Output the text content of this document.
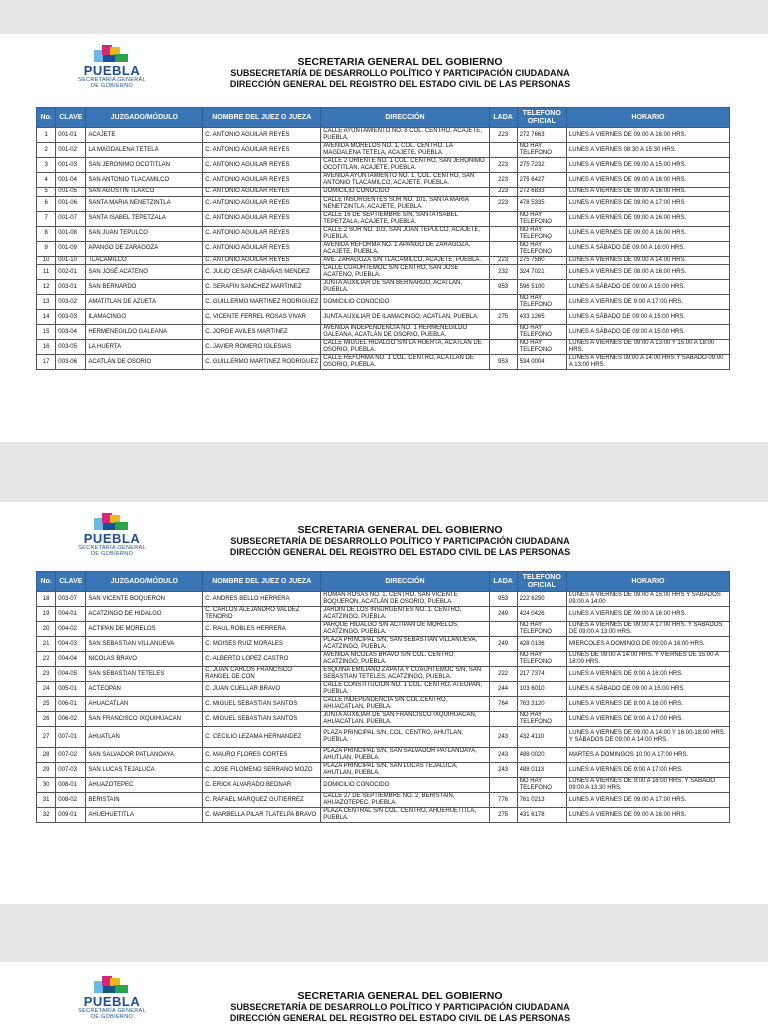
PUEBLA
SECRETARÍA GENERAL
DE GOBIERNO
SECRETARIA GENERAL DEL GOBIERNO
SUBSECRETARÍA DE DESARROLLO POLÍTICO Y PARTICIPACIÓN CIUDADANA
DIRECCIÓN GENERAL DEL REGISTRO DEL ESTADO CIVIL DE LAS PERSONAS
No.	CLAVE	JUZGADO/MÓDULO	NOMBRE DEL JUEZ O JUEZA	DIRECCIÓN	LADA	TELEFONO OFICIAL	HORARIO
1	001-01	ACAJETE	C. ANTONIO AGUILAR REYES	CALLE AYUNTAMIENTO NO. 8 COL. CENTRO, ACAJETE, PUEBLA.	223	272 7663	LUNES A VIERNES DE 09:00 A 16:00 HRS.
2	001-02	LA MAGDALENA TETELA	C. ANTONIO AGUILAR REYES	AVENIDA MORELOS NO. 1, COL. CENTRO, LA MAGDALENA TETELA, ACAJETE, PUEBLA.		NO HAY TELEFONO	LUNES A VIERNES 08:30 A 15:30 HRS.
3	001-03	SAN JERONIMO OCOTITLAN	C. ANTONIO AGUILAR REYES	CALLE 2 ORIENTE NO. 1 COL. CENTRO, SAN JERONIMO OCOTITLAN, ACAJETE, PUEBLA.	223	275 7232	LUNES A VIERNES DE 09:00 A 15:00 HRS.
4	001-04	SAN ANTONIO TLACAMILCO	C. ANTONIO AGUILAR REYES	AVENIDA AYUNTAMIENTO NO. 1, COL. CENTRO, SAN ANTONIO TLACAMILCO, ACAJETE, PUEBLA.	223	275 6427	LUNES A VIERNES DE 09:00 A 16:00 HRS.
5	001-05	SAN AGUSTIN TLAXCO	C. ANTONIO AGUILAR REYES	DOMICILIO CONOCIDO	223	272 6833	LUNES A VIERNES DE 09:00 A 16:00 HRS.
6	001-06	SANTA MARIA NENETZINTLA	C. ANTONIO AGUILAR REYES	CALLE INSURGENTES SUR NO. 101, SANTA MARIA NENETZINTLA, ACAJETE, PUEBLA.	223	478 5335	LUNES A VIERNES DE 09:00 A 17:00 HRS
7	001-07	SANTA ISABEL TEPETZALA	C. ANTONIO AGUILAR REYES	CALLE 16 DE SEPTIEMBRE S/N, SANTA ISABEL TEPETZALA, ACAJETE, PUEBLA.		NO HAY TELEFONO	LUNES A VIERNES DE 09:00 A 16:00 HRS.
8	001-08	SAN JUAN TEPULCO	C. ANTONIO AGUILAR REYES	CALLE 2 SUR NO. 103, SAN JUAN TEPULCO, ACAJETE, PUEBLA.		NO HAY TELEFONO	LUNES A VIERNES DE 09:00 A 16:00 HRS.
9	001-09	APANGO DE ZARAGOZA	C. ANTONIO AGUILAR REYES	AVENIDA REFORMA NO. 1 APANGO DE ZARAGOZA, ACAJETE, PUEBLA.		NO HAY TELEFONO	LUNES A SÁBADO DE 09:00 A 16:00 HRS.
10	001-10	TLACAMILCO	C. ANTONIO AGUILAR REYES	AVE. ZARAGOZA S/N TLACAMILCO, ACAJETE, PUEBLA.	223	275 7580	LUNES A VIERNES DE 09:00 A 14:00 HRS.
11	002-01	SAN JOSÉ ACATENO	C. JULIO CESAR CABAÑAS MENDEZ	CALLE CUAUHTEMOC S/N CENTRO, SAN JOSE ACATENO, PUEBLA.	232	324 7021	LUNES A VIERNES DE 08:00 A 16:00 HRS.
12	003-01	SAN BERNARDO	C. SERAFIN SANCHEZ MARTINEZ	JUNTA AUXILIAR DE SAN BERNARDO, ACATLAN, PUEBLA.	953	596 5100	LUNES A SÁBADO DE 09:00 A 15:00 HRS.
13	003-02	AMATITLAN DE AZUETA	C. GUILLERMO MARTINEZ RODRIGUEZ	DOMICILIO CONOCIDO		NO HAY TELEFONO	LUNES A VIERNES DE 9:00 A 17:00 HRS.
14	003-03	ILAMACINGO	C. VICENTE FERREL ROSAS VIVAR	JUNTA AUXILIAR DE ILAMACINGO, ACATLAN, PUEBLA.	275	433 1265	LUNES A SÁBADO DE 09:00 A 15:00 HRS.
15	003-04	HERMENEGILDO GALEANA	C. JORGE AVILES MARTINEZ	AVENIDA INDEPENDENCIA NO. 1 HERMENEGILDO GALEANA, ACATLÁN DE OSORIO, PUEBLA.		NO HAY TELEFONO	LUNES A SÁBADO DE 09:00 A 15:00 HRS.
16	003-05	LA HUERTA	C. JAVIER ROMERO IGLESIAS	CALLE MIGUEL HIDALGO S/N LA HUERTA, ACATLÁN DE OSORIO, PUEBLA.		NO HAY TELEFONO	LUNES A VIERNES DE 09:00 A 13:00 Y 15:00 A 18:00 HRS.
17	003-06	ACATLÁN DE OSORIO	C. GUILLERMO MARTINEZ RODRIGUEZ	CALLE REFORMA NO. 1 COL. CENTRO, ACATLÁN DE OSORIO, PUEBLA.	953	534 0004	LUNES A VIERNES 09:00 A 14:00 HRS Y SABADO 09:00 A 13:00 HRS.
PUEBLA
SECRETARÍA GENERAL
DE GOBIERNO
SECRETARIA GENERAL DEL GOBIERNO
SUBSECRETARÍA DE DESARROLLO POLÍTICO Y PARTICIPACIÓN CIUDADANA
DIRECCIÓN GENERAL DEL REGISTRO DEL ESTADO CIVIL DE LAS PERSONAS
No.	CLAVE	JUZGADO/MÓDULO	NOMBRE DEL JUEZ O JUEZA	DIRECCIÓN	LADA	TELEFONO OFICIAL	HORARIO
18	003-07	SAN VICENTE BOQUERON	C. ANDRES BELLO HERRERA	ROMAN ROSAS NO. 1, CENTRO, SAN VICENTE BOQUERON, ACATLÁN DE OSORIO, PUEBLA.	953	222 6250	LUNES A VIERNES DE 09:00 A 15:00 HRS Y SABADOS 09:00 A 14:00
19	004-01	ACATZINGO DE HIDALGO	C. CARLOS ALEJANDRO VALDEZ TENORIO	JARDÍN DE LOS INSURGENTES NO. 1. CENTRO, ACATZINGO, PUEBLA.	249	424 0426	LUNES A VIERNES DE 09:00 A 16:00 HRS.
20	004-02	ACTIPAN DE MORELOS	C. RAUL ROBLES HERRERA	PARQUE HIDALGO S/N ACTIPAN DE MORELOS, ACATZINGO, PUEBLA.		NO HAY TELEFONO	LUNES A VIERNES DE 09:00 A 17:00 HRS. Y SÁBADOS DE 09:00 A 13:00 HRS.
21	004-03	SAN SEBASTIAN VILLANUEVA	C. MOISES RUIZ MORALES	PLAZA PRINCIPAL S/N, SAN SEBASTIAN VILLANUEVA, ACATZINGO, PUEBLA.	249	428 0136	MIERCOLES A DOMINGO DE 09:00 A 16:00 HRS.
22	004-04	NICOLAS BRAVO	C. ALBERTO LOPEZ CASTRO	AVENIDA NICOLAS BRAVO S/N COL. CENTRO, ACATZINGO, PUEBLA.		NO HAY TELEFONO	LUNES DE 09:00 A 14:00 HRS. Y VIERNES DE 15:00 A 18:00 HRS.
23	004-05	SAN SEBASTIAN TETELES	C. JUAN CARLOS FRANCISCO RANGEL DE CON	ESQUINA EMILIANO ZAPATA Y CUAUHTEMOC S/N, SAN SEBASTIAN TETELES, ACATZINGO, PUEBLA.	222	217 7374	LUNES A VIERNES DE 9:00 A 16:00 HRS.
24	005-01	ACTEOPAN	C. JUAN CUELLAR BRAVO	CALLE CONSTITUCION NO. 1 COL. CENTRO, ATEOPAN, PUEBLA.	244	103 6010	LUNES A SÁBADO DE 09:00 A 15:00 HRS.
25	006-01	AHUACATLAN	C. MIGUEL SEBASTIAN SANTOS	CALLE INDEPENDENCIA S/N COL.CENTRO, AHUACATLAN, PUEBLA.	764	763 3120	LUNES A VIERNES DE 8:00 A 16:00 HRS.
26	006-02	SAN FRANCISCO IXQUIHUACAN	C. MIGUEL SEBASTIAN SANTOS	JUNTA AUXILIAR DE SAN FRANCISCO IXQUIHUACAN, AHUACATLAN, PUEBLA.		NO HAY TELEFONO	LUNES A VIERNES DE 9:00 A 17:00 HRS.
27	007-01	AHUATLAN	C. CECILIO LEZAMA HERNANDEZ	PLAZA PRINCIPAL S/N, COL. CENTRO, AHUTLAN, PUEBLA.	243	432 4110	LUNES A VIERNES DE 09:00 A 14:00 Y 16:00-18:00 HRS. Y SÁBADOS DE 09:00 A 14:00 HRS.
28	007-02	SAN SALVADOR PATLANOAYA	C. MAURO FLORES CORTES	PLAZA PRINCIPAL S/N, SAN SALVADOR PATLANOAYA, AHUTLAN, PUEBLA.	243	488 0020	MARTES A DOMINGOS 10:00 A 17:00 HRS.
29	007-03	SAN LUCAS TEJALUCA	C. JOSE FILOMENO SERRANO MOZO	PLAZA PRINCIPAL S/N, SAN LUCAS TEJALUCA, AHUTLAN, PUEBLA.	243	488 0113	LUNES A VIERNES DE 9:00 A 17:00 HRS.
30	008-01	AHUAZOTEPEC	C. ERICK ALVARADO BEDNAR	DOMICILIO CONOCIDO		NO HAY TELEFONO	LUNES A VIERNES DE 9:00 A 16:00 HRS. Y SÁBADO 09:00 A 13:30 HRS.
31	008-02	BERISTAIN	C. RAFAEL MARQUEZ GUTIERREZ	CALLE 27 DE SEPTIEMBRE NO. 2, BERISTAIN, AHUAZOTEPEC, PUEBLA.	776	761 0213	LUNES A VIERNES DE 09:00 A 17:00 HRS.
32	009-01	AHUEHUETITLA	C. MARBELLA PILAR TLATELPA BRAVO	PLAZA CENTRAL S/N COL. CENTRO, AHUEHUETITLA, PUEBLA.	275	431 6178	LUNES A VIERNES DE 09:00 A 16:00 HRS.
PUEBLA
SECRETARÍA GENERAL
DE GOBIERNO
SECRETARIA GENERAL DEL GOBIERNO
SUBSECRETARÍA DE DESARROLLO POLÍTICO Y PARTICIPACIÓN CIUDADANA
DIRECCIÓN GENERAL DEL REGISTRO DEL ESTADO CIVIL DE LAS PERSONAS
